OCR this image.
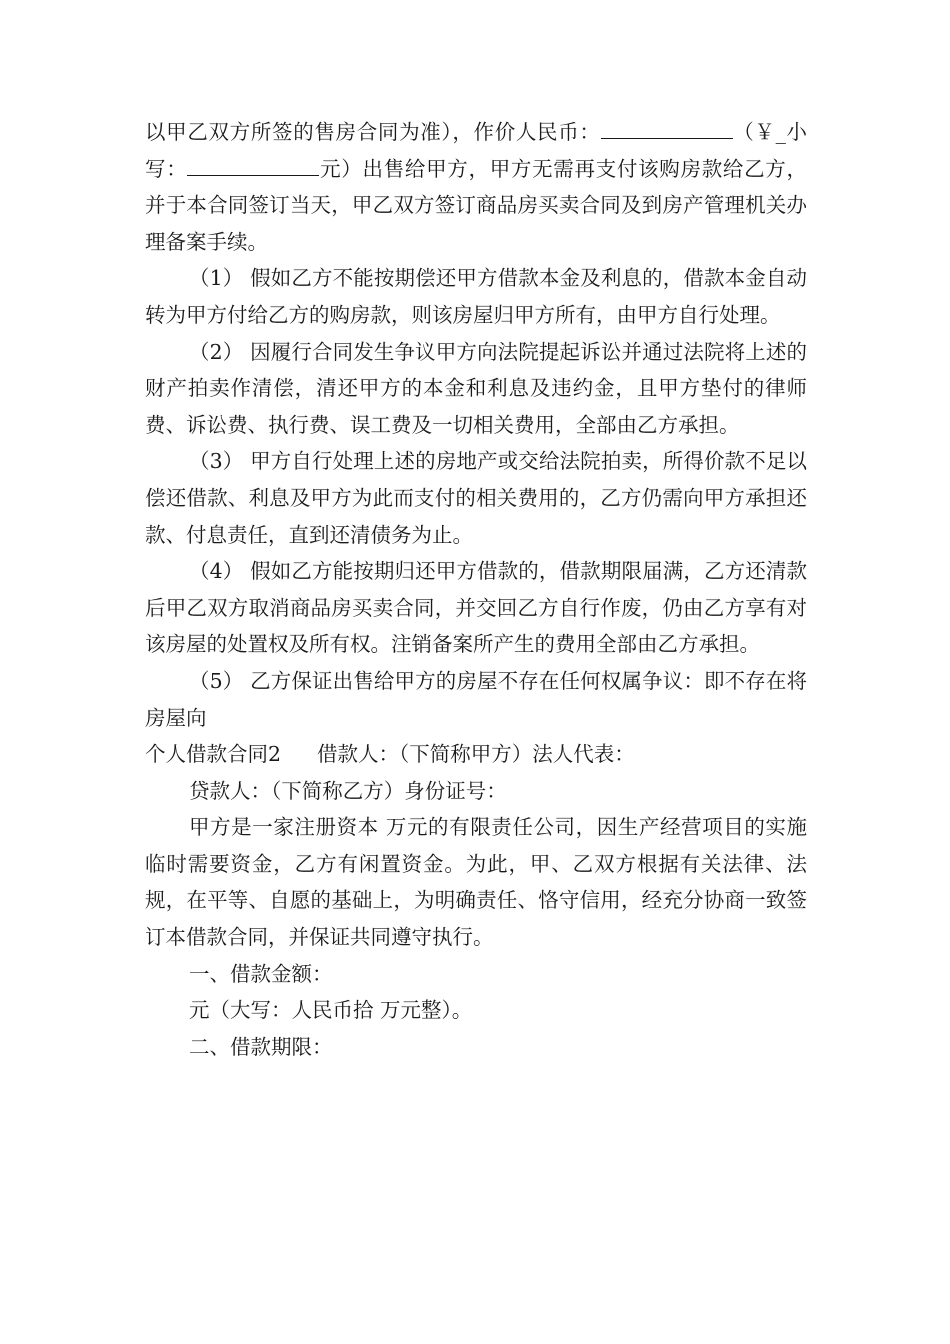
以甲乙双方所签的售房合同为准），作价人民币：	（￥_小写：	元）出售给甲方，甲方无需再支付该购房款给乙方，并于本合同签订当天，甲乙双方签订商品房买卖合同及到房产管理机关办理备案手续。

（1） 假如乙方不能按期偿还甲方借款本金及利息的，借款本金自动转为甲方付给乙方的购房款，则该房屋归甲方所有，由甲方自行处理。

（2） 因履行合同发生争议甲方向法院提起诉讼并通过法院将上述的财产拍卖作清偿，清还甲方的本金和利息及违约金，且甲方垫付的律师费、诉讼费、执行费、误工费及一切相关费用，全部由乙方承担。

（3） 甲方自行处理上述的房地产或交给法院拍卖，所得价款不足以偿还借款、利息及甲方为此而支付的相关费用的，乙方仍需向甲方承担还款、付息责任，直到还清债务为止。

（4） 假如乙方能按期归还甲方借款的，借款期限届满，乙方还清款后甲乙双方取消商品房买卖合同，并交回乙方自行作废，仍由乙方享有对该房屋的处置权及所有权。注销备案所产生的费用全部由乙方承担。

（5） 乙方保证出售给甲方的房屋不存在任何权属争议：即不存在将房屋向

个人借款合同2 借款人：（下简称甲方）法人代表：

贷款人：（下简称乙方）身份证号：

甲方是一家注册资本 万元的有限责任公司，因生产经营项目的实施临时需要资金，乙方有闲置资金。为此，甲、乙双方根据有关法律、法规，在平等、自愿的基础上，为明确责任、恪守信用，经充分协商一致签订本借款合同，并保证共同遵守执行。

一、借款金额：

元（大写：人民币拾 万元整）。

二、借款期限：
